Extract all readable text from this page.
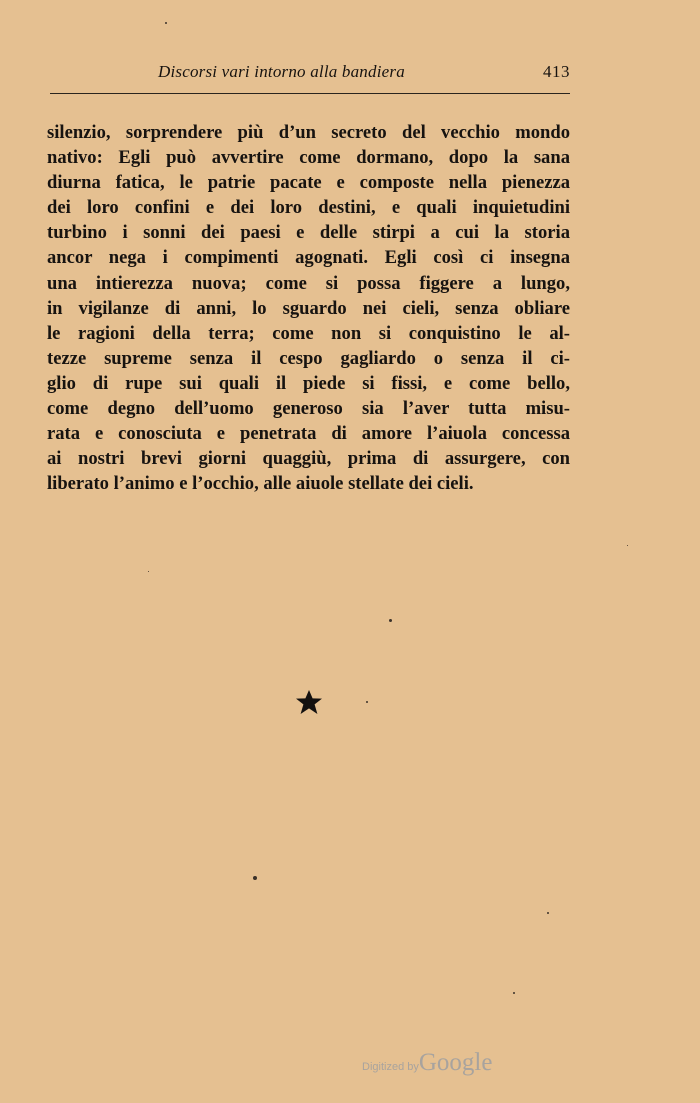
Discorsi vari intorno alla bandiera	413
silenzio, sorprendere più d’un secreto del vecchio mondo
nativo: Egli può avvertire come dormano, dopo la sana
diurna fatica, le patrie pacate e composte nella pienezza
dei loro confini e dei loro destini, e quali inquietudini
turbino i sonni dei paesi e delle stirpi a cui la storia
ancor nega i compimenti agognati. Egli così ci insegna
una intierezza nuova; come si possa figgere a lungo,
in vigilanze di anni, lo sguardo nei cieli, senza obliare
le ragioni della terra; come non si conquistino le al-
tezze supreme senza il cespo gagliardo o senza il ci-
glio di rupe sui quali il piede si fissi, e come bello,
come degno dell’uomo generoso sia l’aver tutta misu-
rata e conosciuta e penetrata di amore l’aiuola concessa
ai nostri brevi giorni quaggiù, prima di assurgere, con
liberato l’animo e l’occhio, alle aiuole stellate dei cieli.
Digitized byGoogle
